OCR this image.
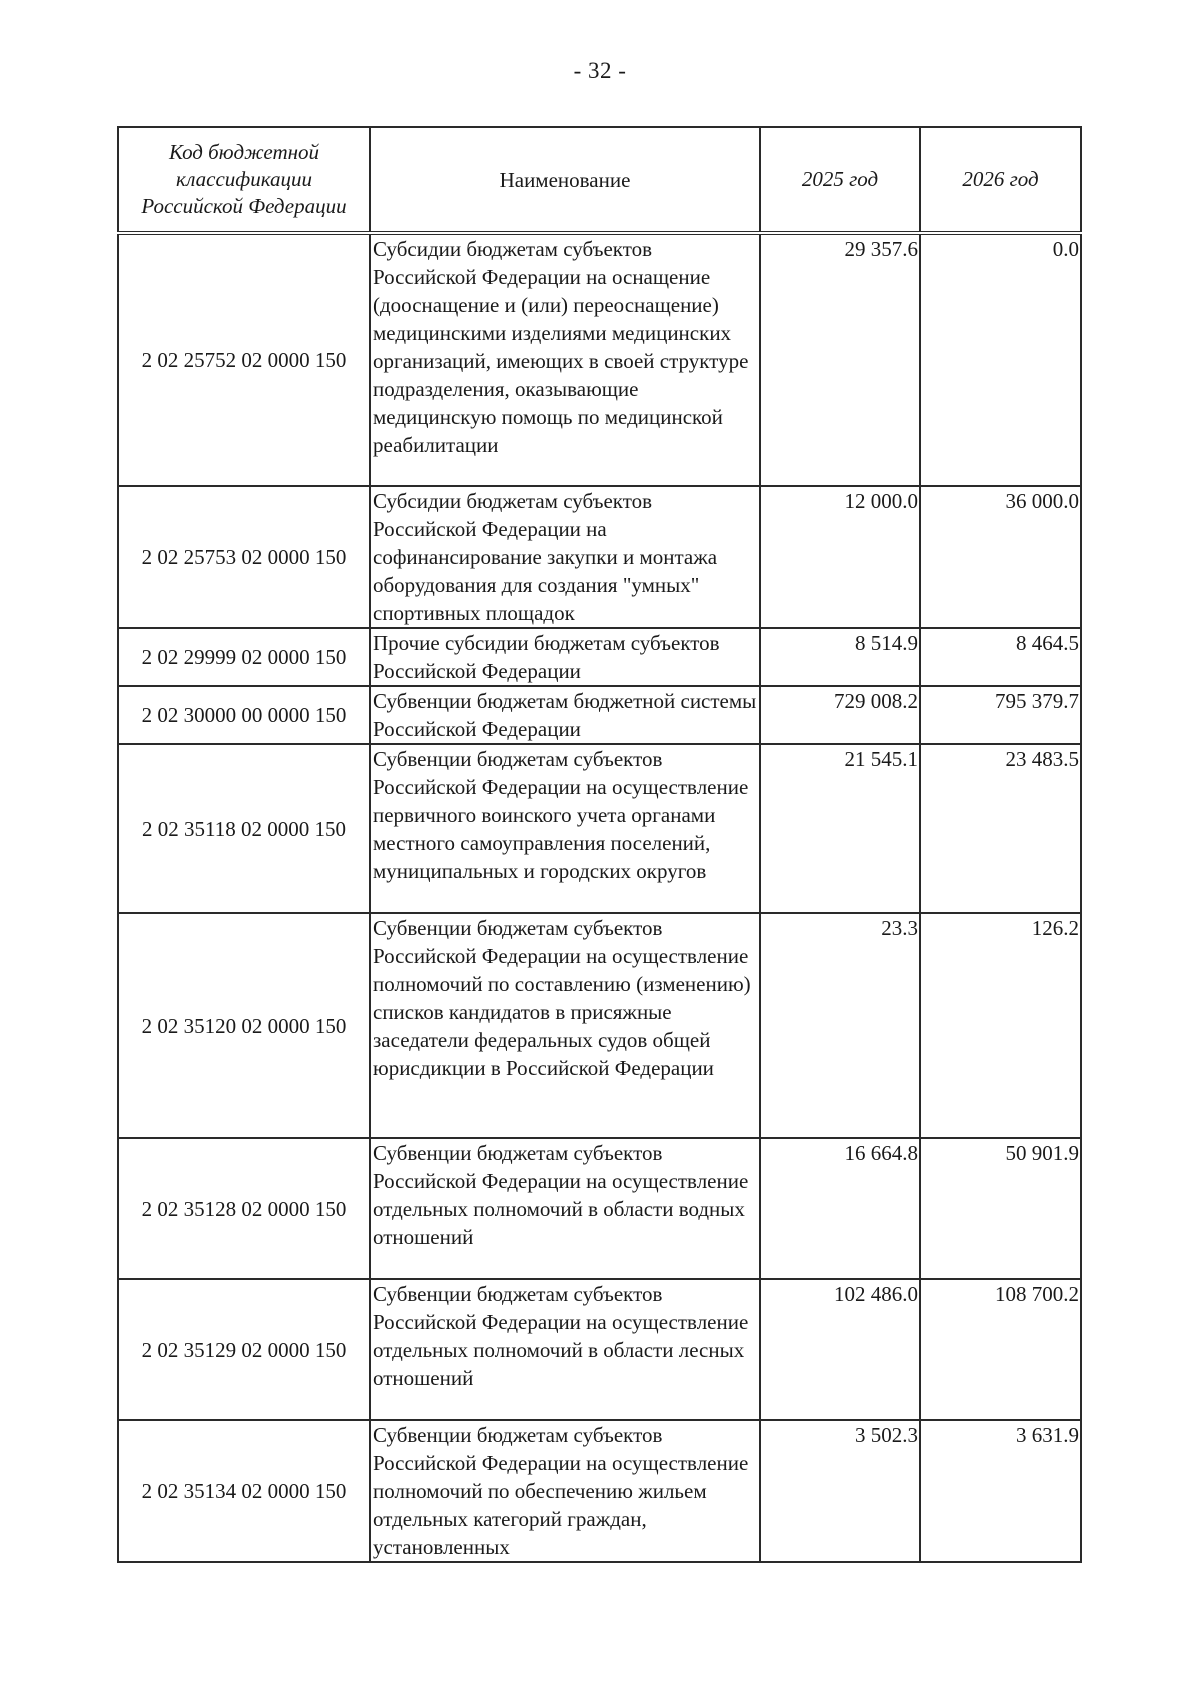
- 32 -
Код бюджетной классификации Российской Федерации	Наименование	2025 год	2026 год
2 02 25752 02 0000 150	Субсидии бюджетам субъектов Российской Федерации на оснащение (дооснащение и (или) переоснащение) медицинскими изделиями медицинских организаций, имеющих в своей структуре подразделения, оказывающие медицинскую помощь по медицинской реабилитации	29 357.6	0.0
2 02 25753 02 0000 150	Субсидии бюджетам субъектов Российской Федерации на софинансирование закупки и монтажа оборудования для создания "умных" спортивных площадок	12 000.0	36 000.0
2 02 29999 02 0000 150	Прочие субсидии бюджетам субъектов Российской Федерации	8 514.9	8 464.5
2 02 30000 00 0000 150	Субвенции бюджетам бюджетной системы Российской Федерации	729 008.2	795 379.7
2 02 35118 02 0000 150	Субвенции бюджетам субъектов Российской Федерации на осуществление первичного воинского учета органами местного самоуправления поселений, муниципальных и городских округов	21 545.1	23 483.5
2 02 35120 02 0000 150	Субвенции бюджетам субъектов Российской Федерации на осуществление полномочий по составлению (изменению) списков кандидатов в присяжные заседатели федеральных судов общей юрисдикции в Российской Федерации	23.3	126.2
2 02 35128 02 0000 150	Субвенции бюджетам субъектов Российской Федерации на осуществление отдельных полномочий в области водных отношений	16 664.8	50 901.9
2 02 35129 02 0000 150	Субвенции бюджетам субъектов Российской Федерации на осуществление отдельных полномочий в области лесных отношений	102 486.0	108 700.2
2 02 35134 02 0000 150	Субвенции бюджетам субъектов Российской Федерации на осуществление полномочий по обеспечению жильем отдельных категорий граждан, установленных	3 502.3	3 631.9
